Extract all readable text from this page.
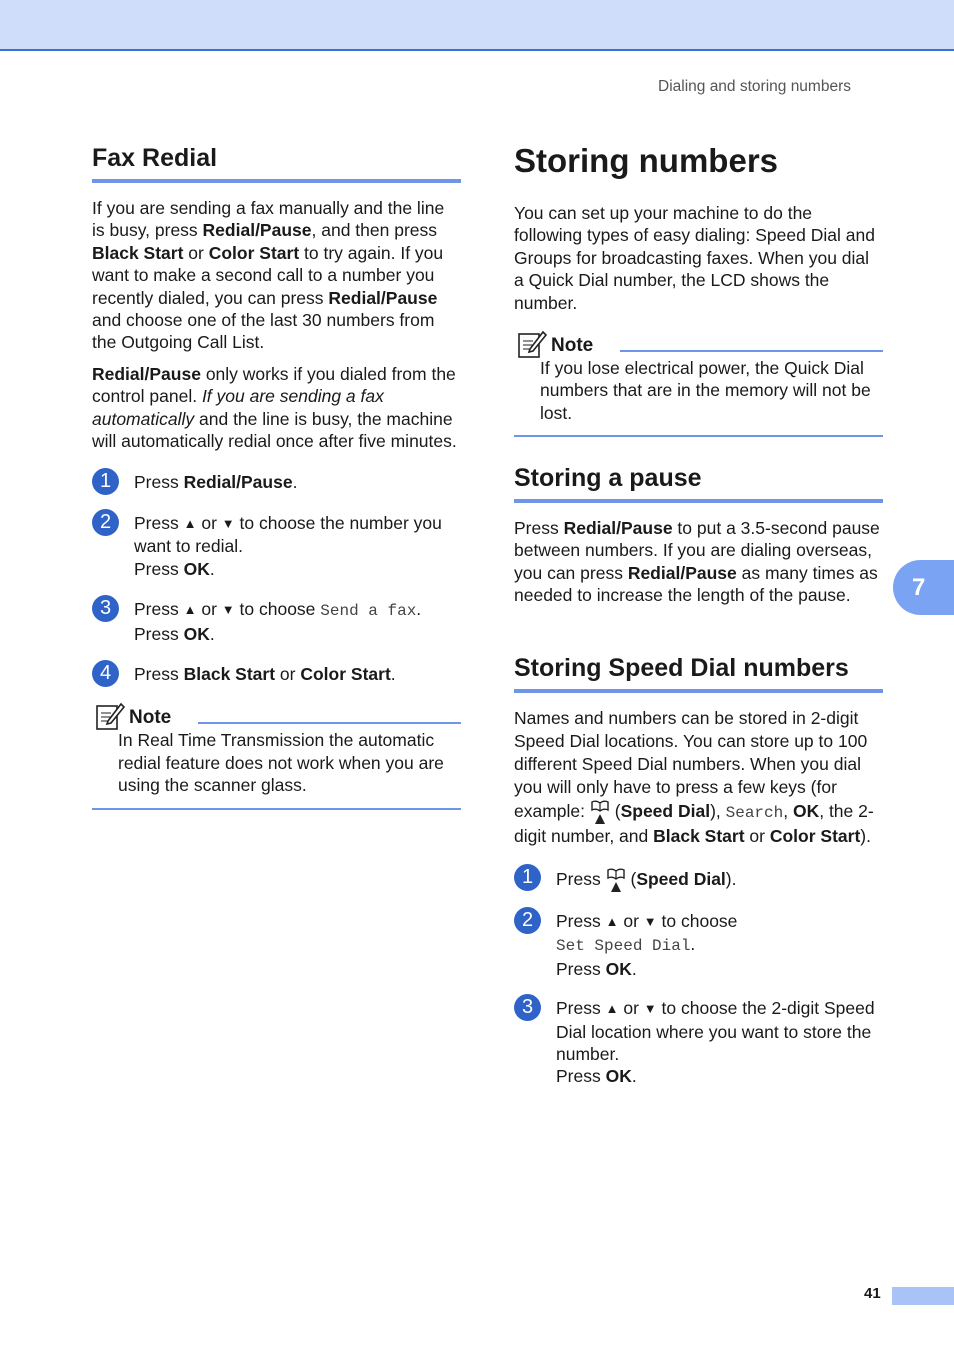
Dialing and storing numbers
Fax Redial

If you are sending a fax manually and the line is busy, press Redial/Pause, and then press Black Start or Color Start to try again. If you want to make a second call to a number you recently dialed, you can press Redial/Pause and choose one of the last 30 numbers from the Outgoing Call List.

Redial/Pause only works if you dialed from the control panel. If you are sending a fax automatically and the line is busy, the machine will automatically redial once after five minutes.

1	Press Redial/Pause.

2	Press ▲ or ▼ to choose the number you want to redial.

Press OK.

3	Press ▲ or ▼ to choose Send a fax.

Press OK.

4	Press Black Start or Color Start.

Note

In Real Time Transmission the automatic redial feature does not work when you are using the scanner glass.

Storing numbers

You can set up your machine to do the following types of easy dialing: Speed Dial and Groups for broadcasting faxes. When you dial a Quick Dial number, the LCD shows the number.

Note

If you lose electrical power, the Quick Dial numbers that are in the memory will not be lost.

Storing a pause

Press Redial/Pause to put a 3.5-second pause between numbers. If you are dialing overseas, you can press Redial/Pause as many times as needed to increase the length of the pause.

Storing Speed Dial numbers

Names and numbers can be stored in 2-digit Speed Dial locations. You can store up to 100 different Speed Dial numbers. When you dial you will only have to press a few keys (for example:  (Speed Dial), Search, OK, the 2-digit number, and Black Start or Color Start).

1	Press  (Speed Dial).

2	Press ▲ or ▼ to choose

Set Speed Dial.

Press OK.

3	Press ▲ or ▼ to choose the 2-digit Speed Dial location where you want to store the number.

Press OK.

7
41
